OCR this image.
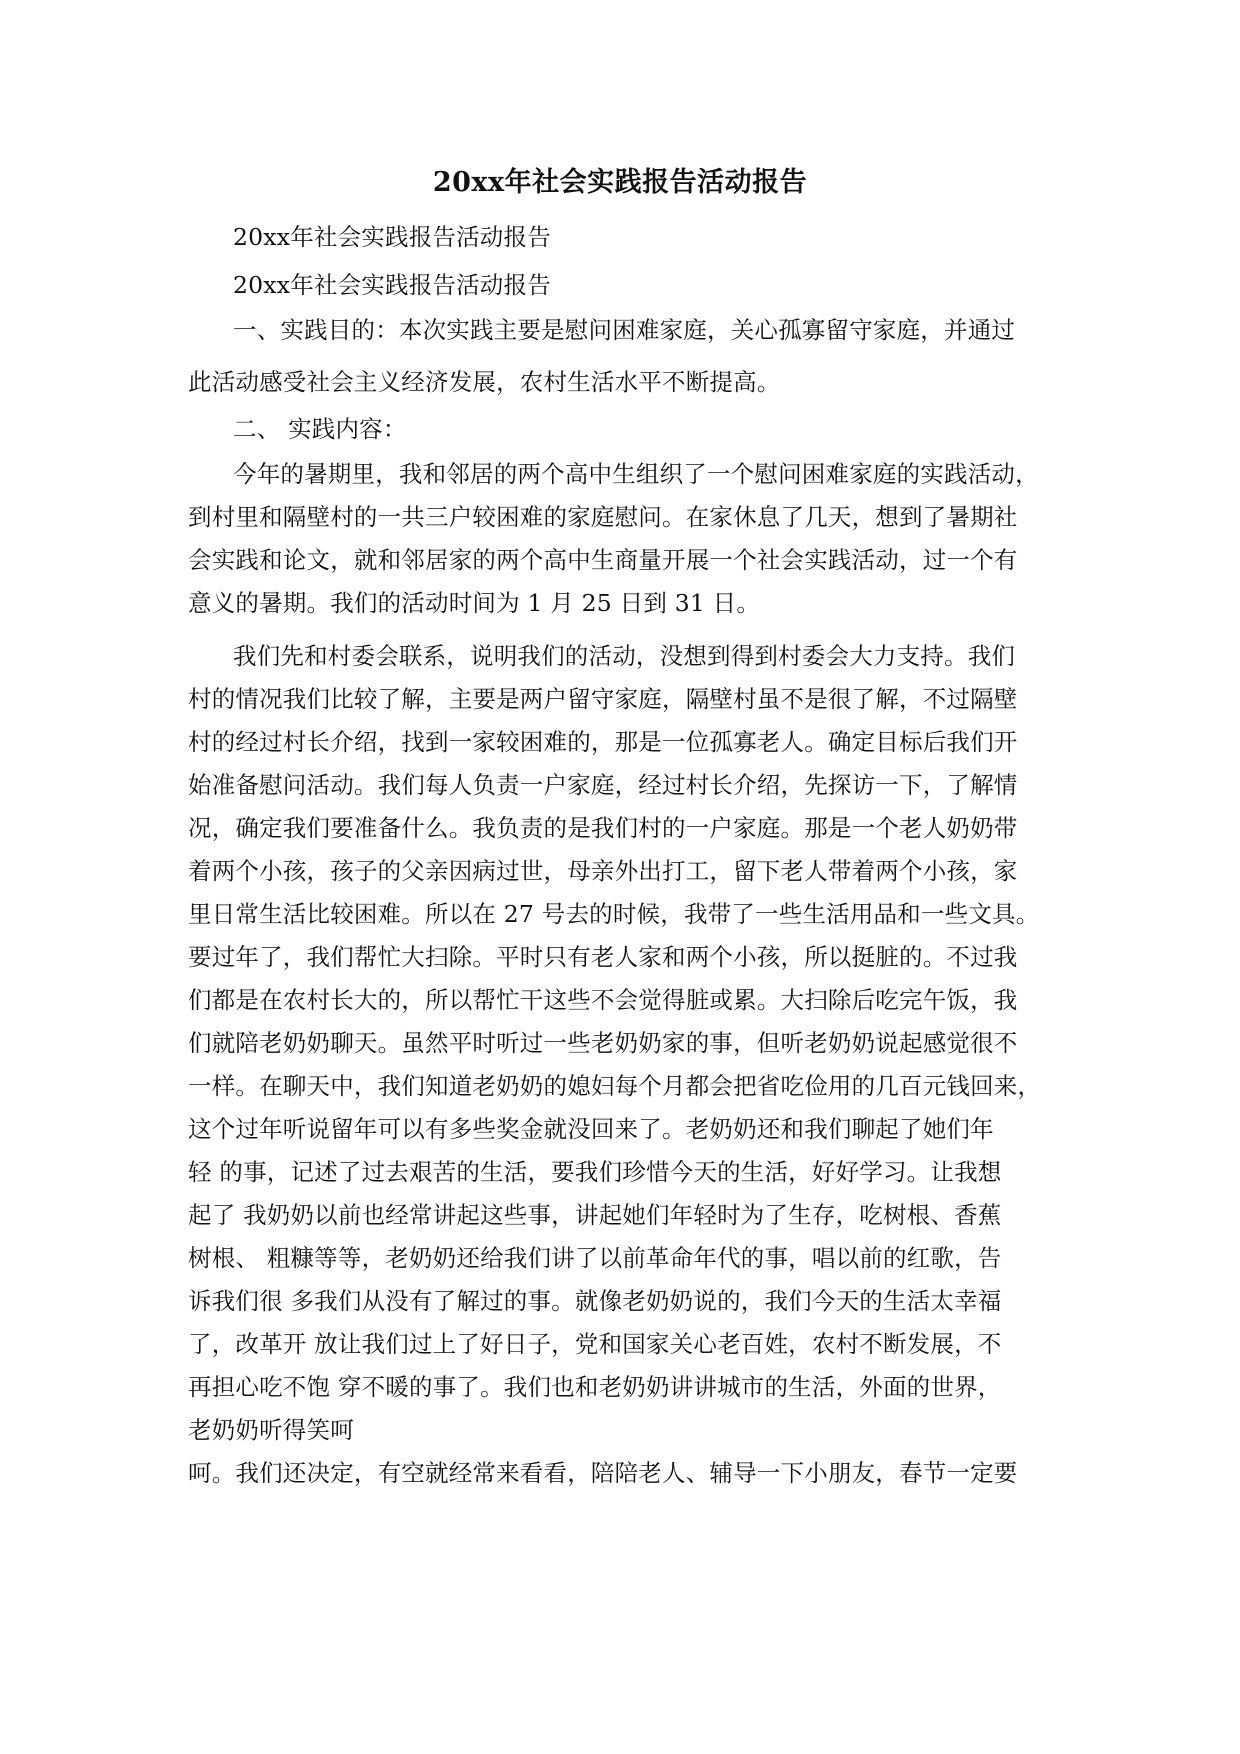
20xx年社会实践报告活动报告
20xx年社会实践报告活动报告
20xx年社会实践报告活动报告
一、实践目的：本次实践主要是慰问困难家庭，关心孤寡留守家庭，并通过
此活动感受社会主义经济发展，农村生活水平不断提高。
二、 实践内容：
今年的暑期里，我和邻居的两个高中生组织了一个慰问困难家庭的实践活动，
到村里和隔壁村的一共三户较困难的家庭慰问。在家休息了几天，想到了暑期社
会实践和论文，就和邻居家的两个高中生商量开展一个社会实践活动，过一个有
意义的暑期。我们的活动时间为 1 月 25 日到 31 日。
我们先和村委会联系，说明我们的活动，没想到得到村委会大力支持。我们
村的情况我们比较了解，主要是两户留守家庭，隔壁村虽不是很了解，不过隔壁
村的经过村长介绍，找到一家较困难的，那是一位孤寡老人。确定目标后我们开
始准备慰问活动。我们每人负责一户家庭，经过村长介绍，先探访一下，了解情
况，确定我们要准备什么。我负责的是我们村的一户家庭。那是一个老人奶奶带
着两个小孩，孩子的父亲因病过世，母亲外出打工，留下老人带着两个小孩，家
里日常生活比较困难。所以在 27 号去的时候，我带了一些生活用品和一些文具。
要过年了，我们帮忙大扫除。平时只有老人家和两个小孩，所以挺脏的。不过我
们都是在农村长大的，所以帮忙干这些不会觉得脏或累。大扫除后吃完午饭，我
们就陪老奶奶聊天。虽然平时听过一些老奶奶家的事，但听老奶奶说起感觉很不
一样。在聊天中，我们知道老奶奶的媳妇每个月都会把省吃俭用的几百元钱回来，
这个过年听说留年可以有多些奖金就没回来了。老奶奶还和我们聊起了她们年
轻 的事，记述了过去艰苦的生活，要我们珍惜今天的生活，好好学习。让我想
起了 我奶奶以前也经常讲起这些事，讲起她们年轻时为了生存，吃树根、香蕉
树根、 粗糠等等，老奶奶还给我们讲了以前革命年代的事，唱以前的红歌，告
诉我们很 多我们从没有了解过的事。就像老奶奶说的，我们今天的生活太幸福
了，改革开 放让我们过上了好日子，党和国家关心老百姓，农村不断发展，不
再担心吃不饱 穿不暖的事了。我们也和老奶奶讲讲城市的生活，外面的世界，
老奶奶听得笑呵
呵。我们还决定，有空就经常来看看，陪陪老人、辅导一下小朋友，春节一定要
